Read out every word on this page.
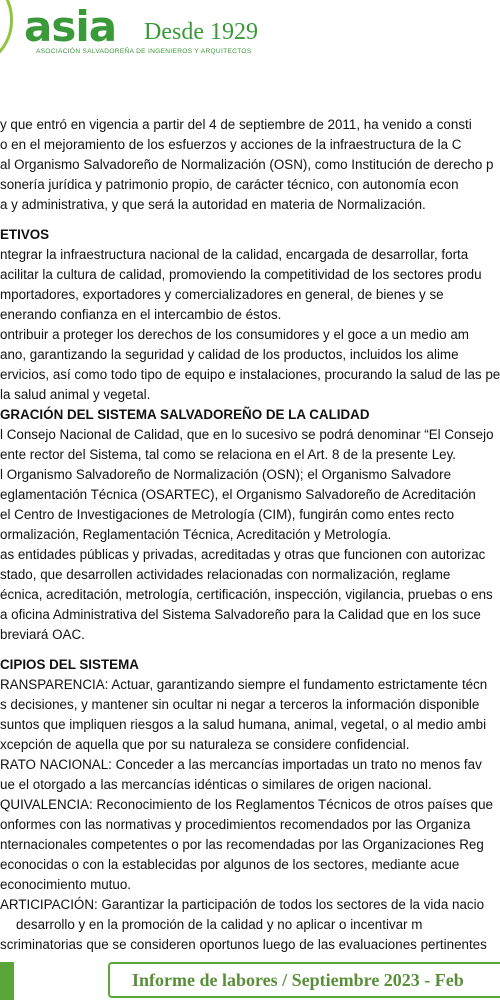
asia Desde 1929
ASOCIACIÓN SALVADOREÑA DE INGENIEROS Y ARQUITECTOS
y que entró en vigencia a partir del 4 de septiembre de 2011, ha venido a consti
o en el mejoramiento de los esfuerzos y acciones de la infraestructura de la C
al Organismo Salvadoreño de Normalización (OSN), como Institución de derecho p
sonería jurídica y patrimonio propio, de carácter técnico, con autonomía econ
a y administrativa, y que será la autoridad en materia de Normalización.
ETIVOS
ntegrar la infraestructura nacional de la calidad, encargada de desarrollar, forta
acilitar la cultura de calidad, promoviendo la competitividad de los sectores produ
mportadores, exportadores y comercializadores en general, de bienes y se
enerando confianza en el intercambio de éstos.
ontribuir a proteger los derechos de los consumidores y el goce a un medio am
ano, garantizando la seguridad y calidad de los productos, incluidos los alime
ervicios, así como todo tipo de equipo e instalaciones, procurando la salud de las pe
la salud animal y vegetal.
GRACIÓN DEL SISTEMA SALVADOREÑO DE LA CALIDAD
l Consejo Nacional de Calidad, que en lo sucesivo se podrá denominar “El Consejo
ente rector del Sistema, tal como se relaciona en el Art. 8 de la presente Ley.
l Organismo Salvadoreño de Normalización (OSN); el Organismo Salvadore
eglamentación Técnica (OSARTEC), el Organismo Salvadoreño de Acreditación
el Centro de Investigaciones de Metrología (CIM), fungirán como entes recto
ormalización, Reglamentación Técnica, Acreditación y Metrología.
as entidades públicas y privadas, acreditadas y otras que funcionen con autorizac
stado, que desarrollen actividades relacionadas con normalización, reglame
écnica, acreditación, metrología, certificación, inspección, vigilancia, pruebas o ens
a oficina Administrativa del Sistema Salvadoreño para la Calidad que en los suce
breviará OAC.
CIPIOS DEL SISTEMA
RANSPARENCIA: Actuar, garantizando siempre el fundamento estrictamente técn
s decisiones, y mantener sin ocultar ni negar a terceros la información disponible
suntos que impliquen riesgos a la salud humana, animal, vegetal, o al medio ambi
xcepción de aquella que por su naturaleza se considere confidencial.
RATO NACIONAL: Conceder a las mercancías importadas un trato no menos fav
ue el otorgado a las mercancías idénticas o similares de origen nacional.
QUIVALENCIA: Reconocimiento de los Reglamentos Técnicos de otros países que
onformes con las normativas y procedimientos recomendados por las Organiza
nternacionales competentes o por las recomendadas por las Organizaciones Reg
econocidas o con la establecidas por algunos de los sectores, mediante acue
econocimiento mutuo.
ARTICIPACIÓN: Garantizar la participación de todos los sectores de la vida nacio
desarrollo y en la promoción de la calidad y no aplicar o incentivar m
scriminatorias que se consideren oportunos luego de las evaluaciones pertinentes
Informe de labores / Septiembre 2023 - Feb
